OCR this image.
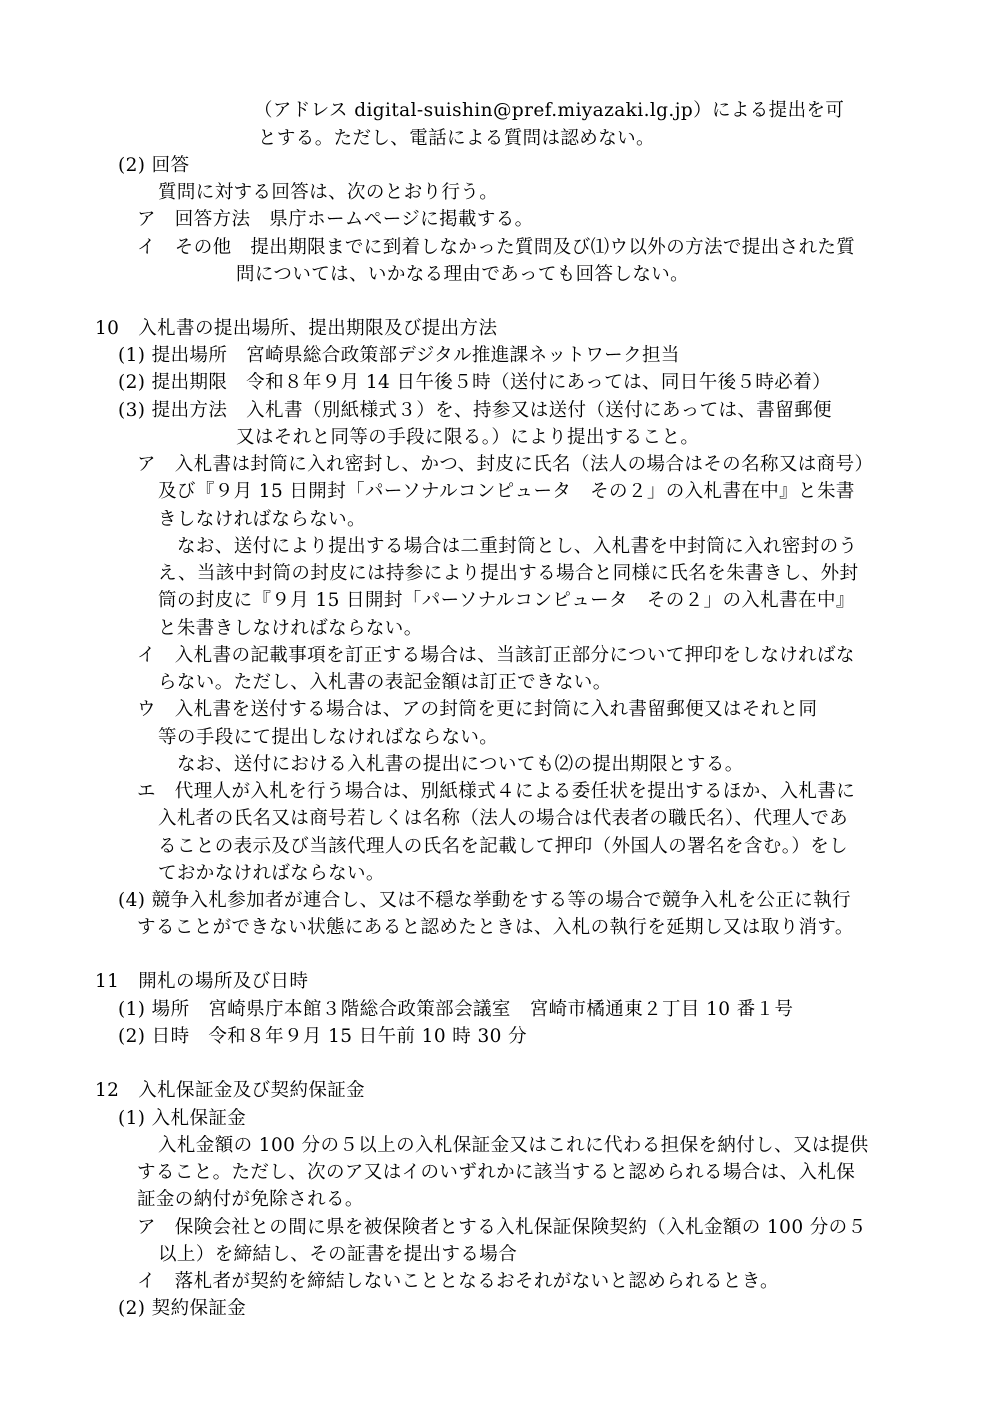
（アドレス digital-suishin@pref.miyazaki.lg.jp）による提出を可
とする。ただし、電話による質問は認めない。
(2) 回答
質問に対する回答は、次のとおり行う。
ア　回答方法　県庁ホームページに掲載する。
イ　その他　提出期限までに到着しなかった質問及び⑴ウ以外の方法で提出された質
問については、いかなる理由であっても回答しない。
10　入札書の提出場所、提出期限及び提出方法
(1) 提出場所　宮崎県総合政策部デジタル推進課ネットワーク担当
(2) 提出期限　令和８年９月 14 日午後５時（送付にあっては、同日午後５時必着）
(3) 提出方法　入札書（別紙様式３）を、持参又は送付（送付にあっては、書留郵便
又はそれと同等の手段に限る。）により提出すること。
ア　入札書は封筒に入れ密封し、かつ、封皮に氏名（法人の場合はその名称又は商号）
及び『９月 15 日開封「パーソナルコンピュータ　その２」の入札書在中』と朱書
きしなければならない。
なお、送付により提出する場合は二重封筒とし、入札書を中封筒に入れ密封のう
え、当該中封筒の封皮には持参により提出する場合と同様に氏名を朱書きし、外封
筒の封皮に『９月 15 日開封「パーソナルコンピュータ　その２」の入札書在中』
と朱書きしなければならない。
イ　入札書の記載事項を訂正する場合は、当該訂正部分について押印をしなければな
らない。ただし、入札書の表記金額は訂正できない。
ウ　入札書を送付する場合は、アの封筒を更に封筒に入れ書留郵便又はそれと同
等の手段にて提出しなければならない。
なお、送付における入札書の提出についても⑵の提出期限とする。
エ　代理人が入札を行う場合は、別紙様式４による委任状を提出するほか、入札書に
入札者の氏名又は商号若しくは名称（法人の場合は代表者の職氏名）、代理人であ
ることの表示及び当該代理人の氏名を記載して押印（外国人の署名を含む。）をし
ておかなければならない。
(4) 競争入札参加者が連合し、又は不穏な挙動をする等の場合で競争入札を公正に執行
することができない状態にあると認めたときは、入札の執行を延期し又は取り消す。
11　開札の場所及び日時
(1) 場所　宮崎県庁本館３階総合政策部会議室　宮崎市橘通東２丁目 10 番１号
(2) 日時　令和８年９月 15 日午前 10 時 30 分
12　入札保証金及び契約保証金
(1) 入札保証金
入札金額の 100 分の５以上の入札保証金又はこれに代わる担保を納付し、又は提供
すること。ただし、次のア又はイのいずれかに該当すると認められる場合は、入札保
証金の納付が免除される。
ア　保険会社との間に県を被保険者とする入札保証保険契約（入札金額の 100 分の５
以上）を締結し、その証書を提出する場合
イ　落札者が契約を締結しないこととなるおそれがないと認められるとき。
(2) 契約保証金
